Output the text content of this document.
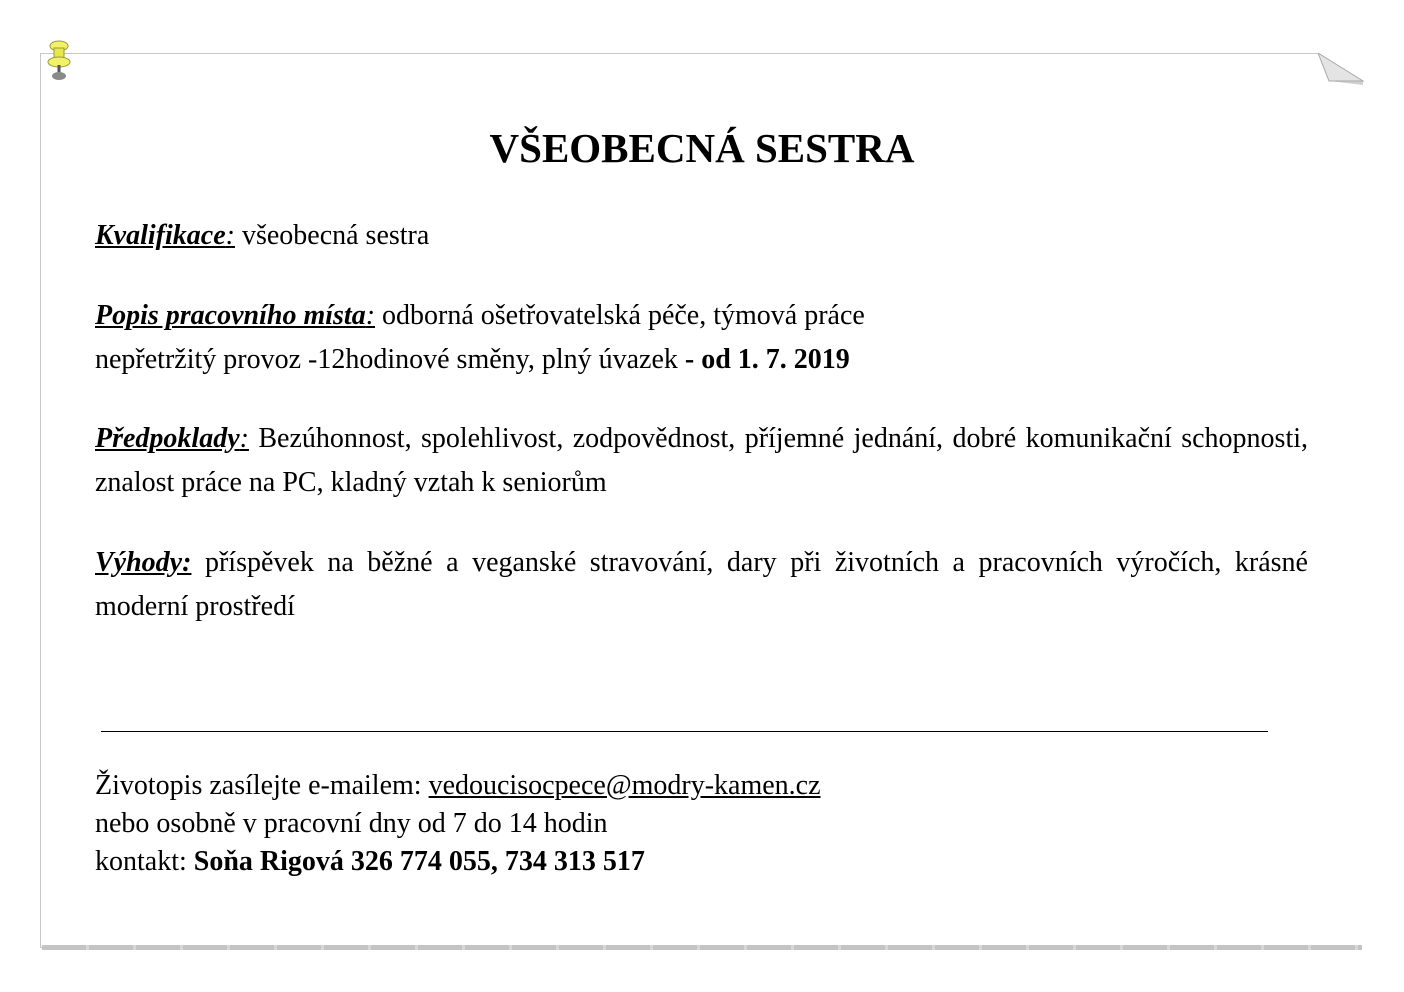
VŠEOBECNÁ SESTRA
Kvalifikace: všeobecná sestra
Popis pracovního místa: odborná ošetřovatelská péče, týmová práce
nepřetržitý provoz -12hodinové směny, plný úvazek - od 1. 7. 2019
Předpoklady: Bezúhonnost, spolehlivost, zodpovědnost, příjemné jednání, dobré komunikační schopnosti, znalost práce na PC, kladný vztah k seniorům
Výhody: příspěvek na běžné a veganské stravování, dary při životních a pracovních výročích, krásné moderní prostředí
Životopis zasílejte e-mailem: vedoucisocpece@modry-kamen.cz
nebo osobně v pracovní dny od 7 do 14 hodin
kontakt: Soňa Rigová 326 774 055, 734 313 517
